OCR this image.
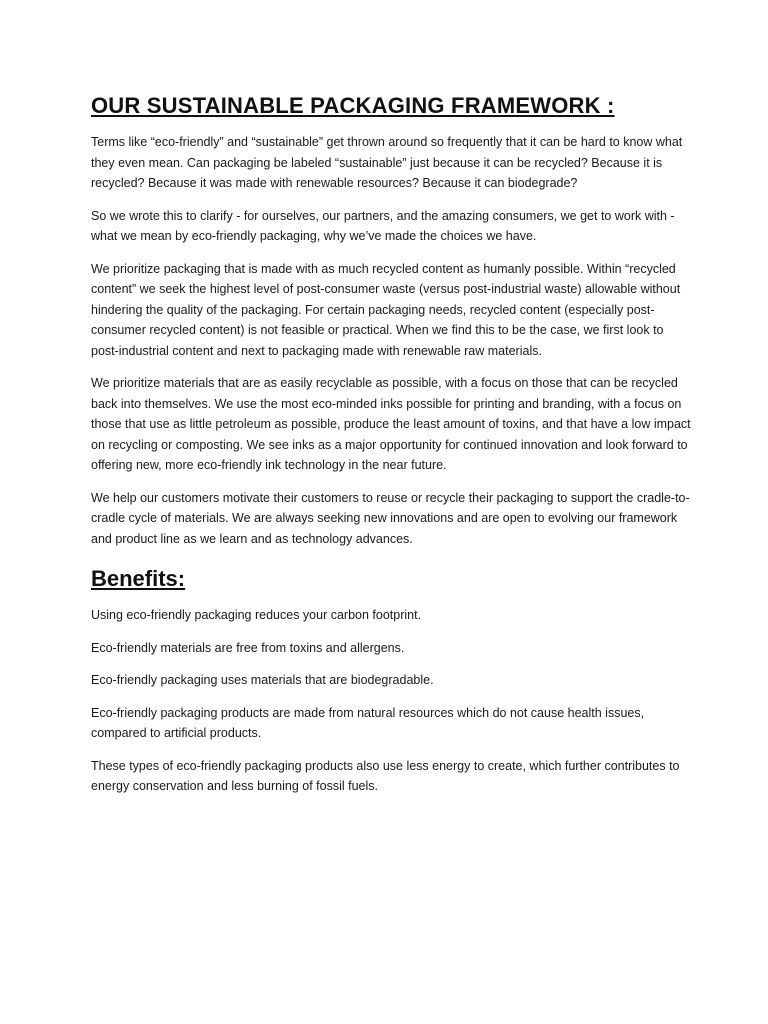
OUR SUSTAINABLE PACKAGING FRAMEWORK :

Terms like “eco-friendly” and “sustainable” get thrown around so frequently that it can be hard to know what they even mean. Can packaging be labeled “sustainable” just because it can be recycled? Because it is recycled? Because it was made with renewable resources? Because it can biodegrade?

So we wrote this to clarify - for ourselves, our partners, and the amazing consumers, we get to work with - what we mean by eco-friendly packaging, why we’ve made the choices we have.

We prioritize packaging that is made with as much recycled content as humanly possible. Within “recycled content” we seek the highest level of post-consumer waste (versus post-industrial waste) allowable without hindering the quality of the packaging. For certain packaging needs, recycled content (especially post-consumer recycled content) is not feasible or practical. When we find this to be the case, we first look to post-industrial content and next to packaging made with renewable raw materials.

We prioritize materials that are as easily recyclable as possible, with a focus on those that can be recycled back into themselves. We use the most eco-minded inks possible for printing and branding, with a focus on those that use as little petroleum as possible, produce the least amount of toxins, and that have a low impact on recycling or composting. We see inks as a major opportunity for continued innovation and look forward to offering new, more eco-friendly ink technology in the near future.

We help our customers motivate their customers to reuse or recycle their packaging to support the cradle-to-cradle cycle of materials. We are always seeking new innovations and are open to evolving our framework and product line as we learn and as technology advances.

Benefits:

Using eco-friendly packaging reduces your carbon footprint.

Eco-friendly materials are free from toxins and allergens.

Eco-friendly packaging uses materials that are biodegradable.

Eco-friendly packaging products are made from natural resources which do not cause health issues, compared to artificial products.

These types of eco-friendly packaging products also use less energy to create, which further contributes to energy conservation and less burning of fossil fuels.
